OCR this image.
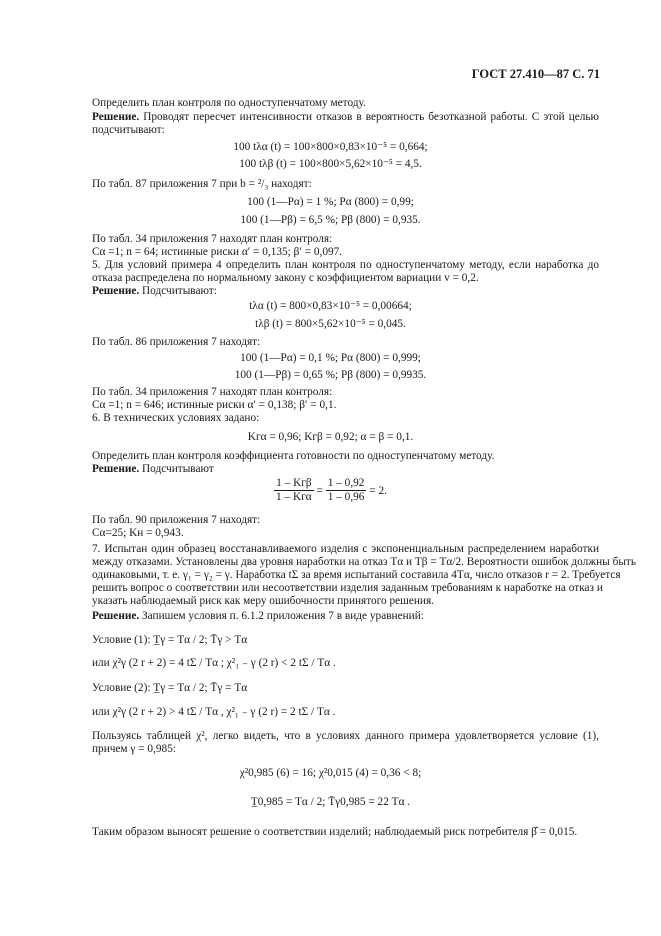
ГОСТ 27.410—87 С. 71
Определить план контроля по одноступенчатому методу.
Решение. Проводят пересчет интенсивности отказов в вероятность безотказной работы. С этой целью
подсчитывают:
100 tλα (t) = 100×800×0,83×10⁻⁵ = 0,664;
100 tλβ (t) = 100×800×5,62×10⁻⁵ = 4,5.
По табл. 87 приложения 7 при b = ²/₃ находят:
100 (1—Pα) = 1 %; Pα (800) = 0,99;
100 (1—Pβ) = 6,5 %; Pβ (800) = 0,935.
По табл. 34 приложения 7 находят план контроля:
Cα =1; n = 64; истинные риски α′ = 0,135; β′ = 0,097.
5. Для условий примера 4 определить план контроля по одноступенчатому методу, если наработка до
отказа распределена по нормальному закону с коэффициентом вариации v = 0,2.
Решение. Подсчитывают:
tλα (t) = 800×0,83×10⁻⁵ = 0,00664;
tλβ (t) = 800×5,62×10⁻⁵ = 0,045.
По табл. 86 приложения 7 находят:
100 (1—Pα) = 0,1 %; Pα (800) = 0,999;
100 (1—Pβ) = 0,65 %; Pβ (800) = 0,9935.
По табл. 34 приложения 7 находят план контроля:
Cα =1; n = 646; истинные риски α′ = 0,138; β′ = 0,1.
6. В технических условиях задано:
Kгα = 0,96; Kгβ = 0,92; α = β = 0,1.
Определить план контроля коэффициента готовности по одноступенчатому методу.
Решение. Подсчитывают
1 – Kгβ
1 – Kгα
= $\frac{1 - 0,92}{1 - 0,96} = 2$.
По табл. 90 приложения 7 находят:
Cα=25; Kн = 0,943.
7. Испытан один образец восстанавливаемого изделия с экспоненциальным распределением наработки
между отказами. Установлены два уровня наработки на отказ Tα и Tβ = Tα/2. Вероятности ошибок должны быть
одинаковыми, т. е. γ₁ = γ₂ = γ. Наработка tΣ за время испытаний составила 4Tα, число отказов r = 2. Требуется
решить вопрос о соответствии или несоответствии изделия заданным требованиям к наработке на отказ и
указать наблюдаемый риск как меру ошибочности принятого решения.
Решение. Запишем условия п. 6.1.2 приложения 7 в виде уравнений:
Условие (1): T̲γ = Tα / 2; T̄γ > Tα
или χ²γ (2 r + 2) = 4 tΣ / Tα ; χ²₁ ₋ γ (2 r) < 2 tΣ / Tα .
Условие (2): T̲γ = Tα / 2; T̄γ = Tα
или χ²γ (2 r + 2) > 4 tΣ / Tα , χ²₁ ₋ γ (2 r) = 2 tΣ / Tα .
Пользуясь таблицей χ², легко видеть, что в условиях данного примера удовлетворяется условие (1),
причем γ = 0,985:
χ²0,985 (6) = 16; χ²0,015 (4) = 0,36 < 8;
T̲0,985 = Tα / 2; T̄γ0,985 = 22 Tα .
Таким образом выносят решение о соответствии изделий; наблюдаемый риск потребителя β̂ = 0,015.
